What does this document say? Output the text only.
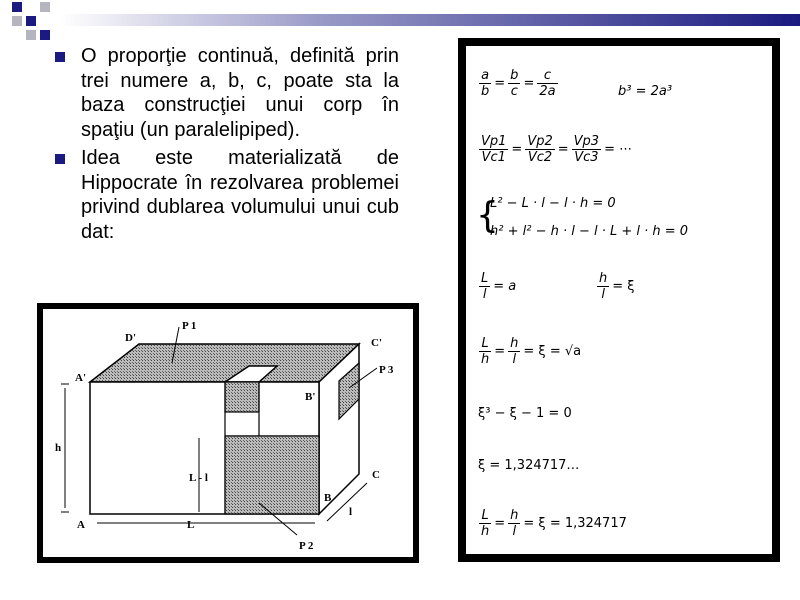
O proporţie continuă, definită prin trei numere a, b, c, poate sta la baza construcţiei unui corp în spaţiu (un paralelipiped).
Idea este materializată de Hippocrate în rezolvarea problemei privind dublarea volumului unui cub dat:
P 1
D'	C'
P 3
A'
B'
h
L - l	C
B
A	L
l
P 2
$\frac{a}{b} = \frac{b}{c} = \frac{c}{2a}$	b³ = 2a³
$\frac{Vp1}{Vc1} = \frac{Vp2}{Vc2} = \frac{Vp3}{Vc3}$ = ⋯
{
L² − L · l − l · h = 0
h² + l² − h · l − l · L + l · h = 0
$\frac{L}{l} = a$	$\frac{h}{l} = \xi$
$\frac{L}{h} = \frac{h}{l} = \xi = √a$
ξ³ − ξ − 1 = 0
ξ = 1,324717…
$\frac{L}{h} = \frac{h}{l} = \xi = 1,324717$
